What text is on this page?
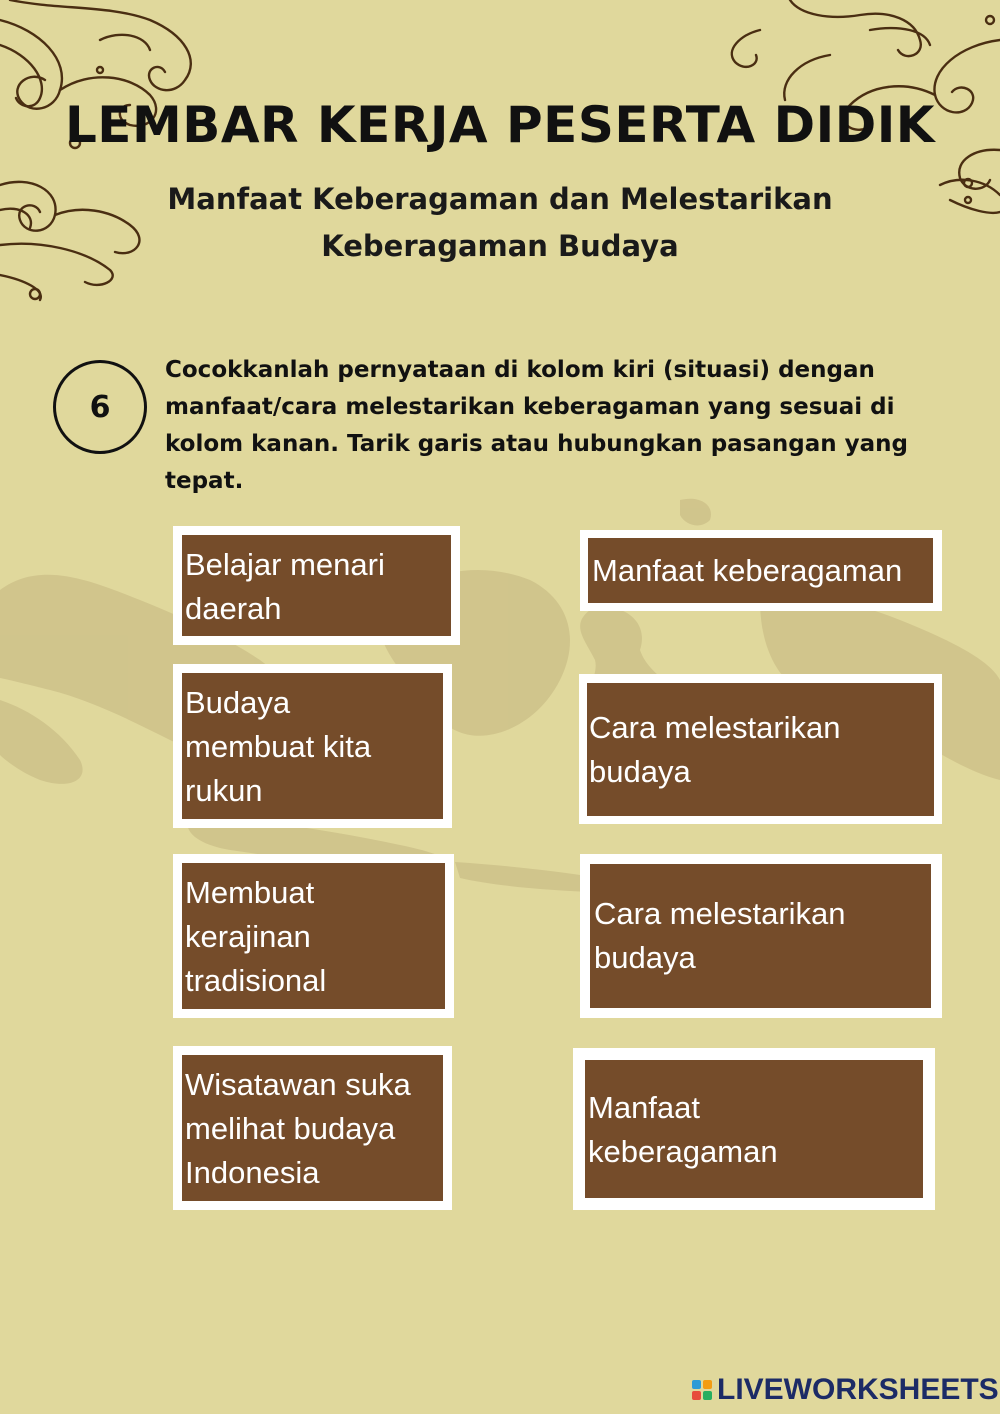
LEMBAR KERJA PESERTA DIDIK

Manfaat Keberagaman dan Melestarikan
Keberagaman Budaya

6

Cocokkanlah pernyataan di kolom kiri (situasi) dengan manfaat/cara melestarikan keberagaman yang sesuai di kolom kanan. Tarik garis atau hubungkan pasangan yang tepat.

Belajar menari
daerah
Budaya
membuat kita
rukun
Membuat
kerajinan
tradisional
Wisatawan suka
melihat budaya
Indonesia
Manfaat keberagaman
Cara melestarikan
budaya
Cara melestarikan
budaya
Manfaat
keberagaman
LIVEWORKSHEETS
